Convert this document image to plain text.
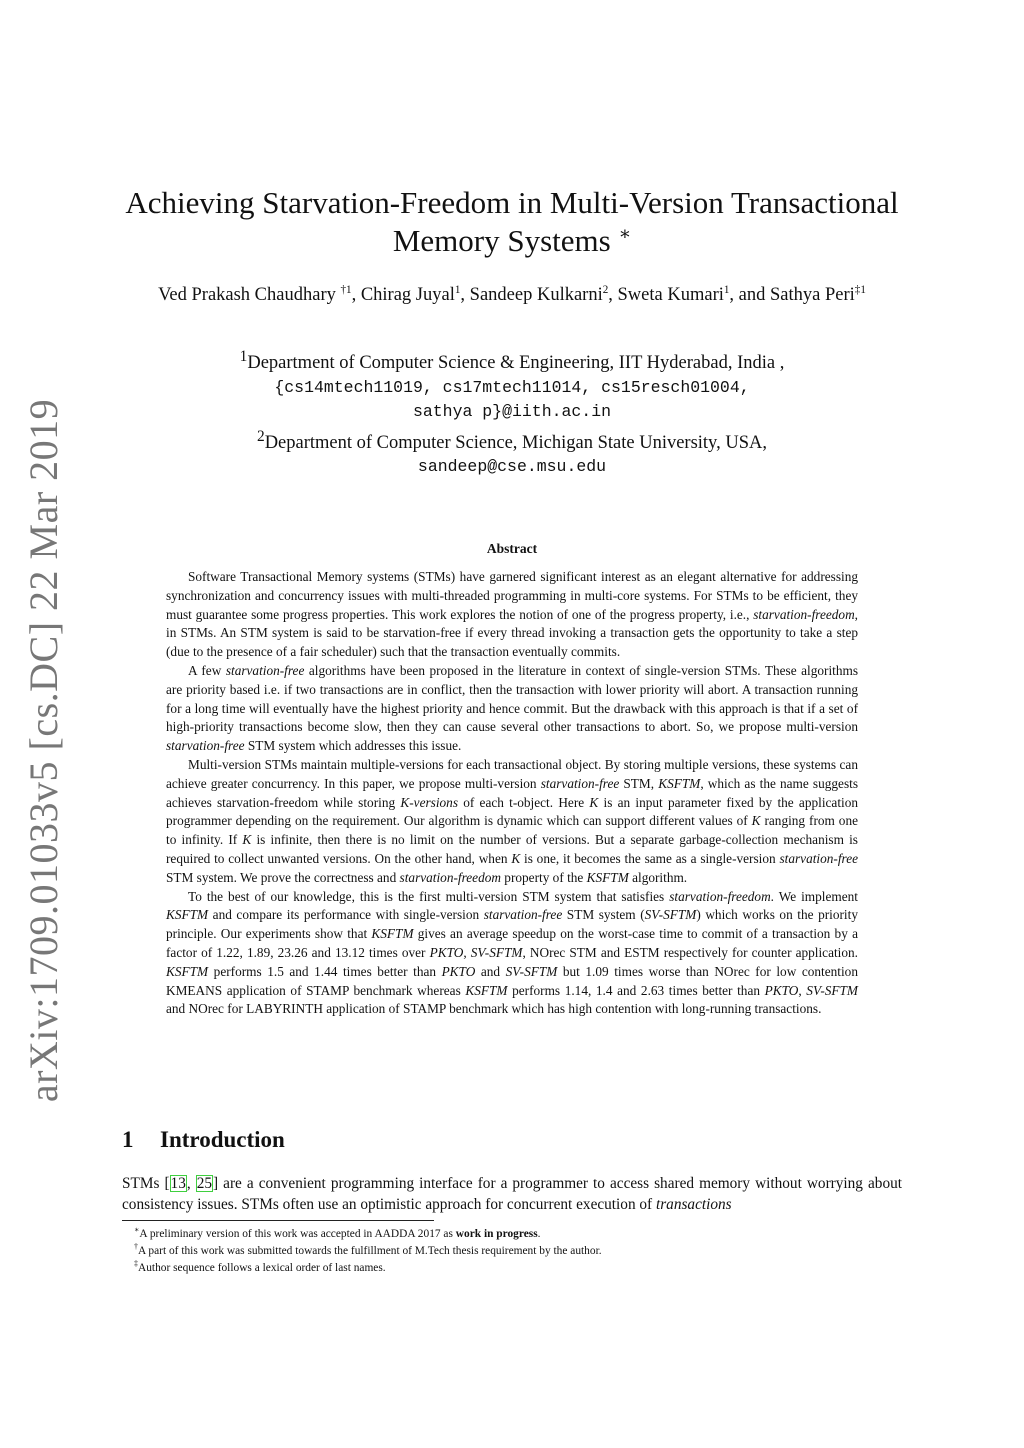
arXiv:1709.01033v5 [cs.DC] 22 Mar 2019
Achieving Starvation-Freedom in Multi-Version Transactional Memory Systems ∗
Ved Prakash Chaudhary $^{\dagger 1}$, Chirag Juyal$^1$, Sandeep Kulkarni$^2$, Sweta Kumari$^1$, and Sathya Peri$^{\ddagger 1}$
$^1$Department of Computer Science & Engineering, IIT Hyderabad, India ,
{cs14mtech11019, cs17mtech11014, cs15resch01004,
sathya p}@iith.ac.in
$^2$Department of Computer Science, Michigan State University, USA,
sandeep@cse.msu.edu
Abstract

Software Transactional Memory systems (STMs) have garnered significant interest as an elegant alternative for addressing synchronization and concurrency issues with multi-threaded programming in multi-core systems. For STMs to be efficient, they must guarantee some progress properties. This work explores the notion of one of the progress property, i.e., starvation-freedom, in STMs. An STM system is said to be starvation-free if every thread invoking a transaction gets the opportunity to take a step (due to the presence of a fair scheduler) such that the transaction eventually commits.

A few starvation-free algorithms have been proposed in the literature in context of single-version STMs. These algorithms are priority based i.e. if two transactions are in conflict, then the transaction with lower priority will abort. A transaction running for a long time will eventually have the highest priority and hence commit. But the drawback with this approach is that if a set of high-priority transactions become slow, then they can cause several other transactions to abort. So, we propose multi-version starvation-free STM system which addresses this issue.

Multi-version STMs maintain multiple-versions for each transactional object. By storing multiple versions, these systems can achieve greater concurrency. In this paper, we propose multi-version starvation-free STM, KSFTM, which as the name suggests achieves starvation-freedom while storing K-versions of each t-object. Here K is an input parameter fixed by the application programmer depending on the requirement. Our algorithm is dynamic which can support different values of K ranging from one to infinity. If K is infinite, then there is no limit on the number of versions. But a separate garbage-collection mechanism is required to collect unwanted versions. On the other hand, when K is one, it becomes the same as a single-version starvation-free STM system. We prove the correctness and starvation-freedom property of the KSFTM algorithm.

To the best of our knowledge, this is the first multi-version STM system that satisfies starvation-freedom. We implement KSFTM and compare its performance with single-version starvation-free STM system (SV-SFTM) which works on the priority principle. Our experiments show that KSFTM gives an average speedup on the worst-case time to commit of a transaction by a factor of 1.22, 1.89, 23.26 and 13.12 times over PKTO, SV-SFTM, NOrec STM and ESTM respectively for counter application. KSFTM performs 1.5 and 1.44 times better than PKTO and SV-SFTM but 1.09 times worse than NOrec for low contention KMEANS application of STAMP benchmark whereas KSFTM performs 1.14, 1.4 and 2.63 times better than PKTO, SV-SFTM and NOrec for LABYRINTH application of STAMP benchmark which has high contention with long-running transactions.

1 Introduction

STMs [13, 25] are a convenient programming interface for a programmer to access shared memory without worrying about consistency issues. STMs often use an optimistic approach for concurrent execution of transactions

∗A preliminary version of this work was accepted in AADDA 2017 as work in progress.
†A part of this work was submitted towards the fulfillment of M.Tech thesis requirement by the author.
‡Author sequence follows a lexical order of last names.
